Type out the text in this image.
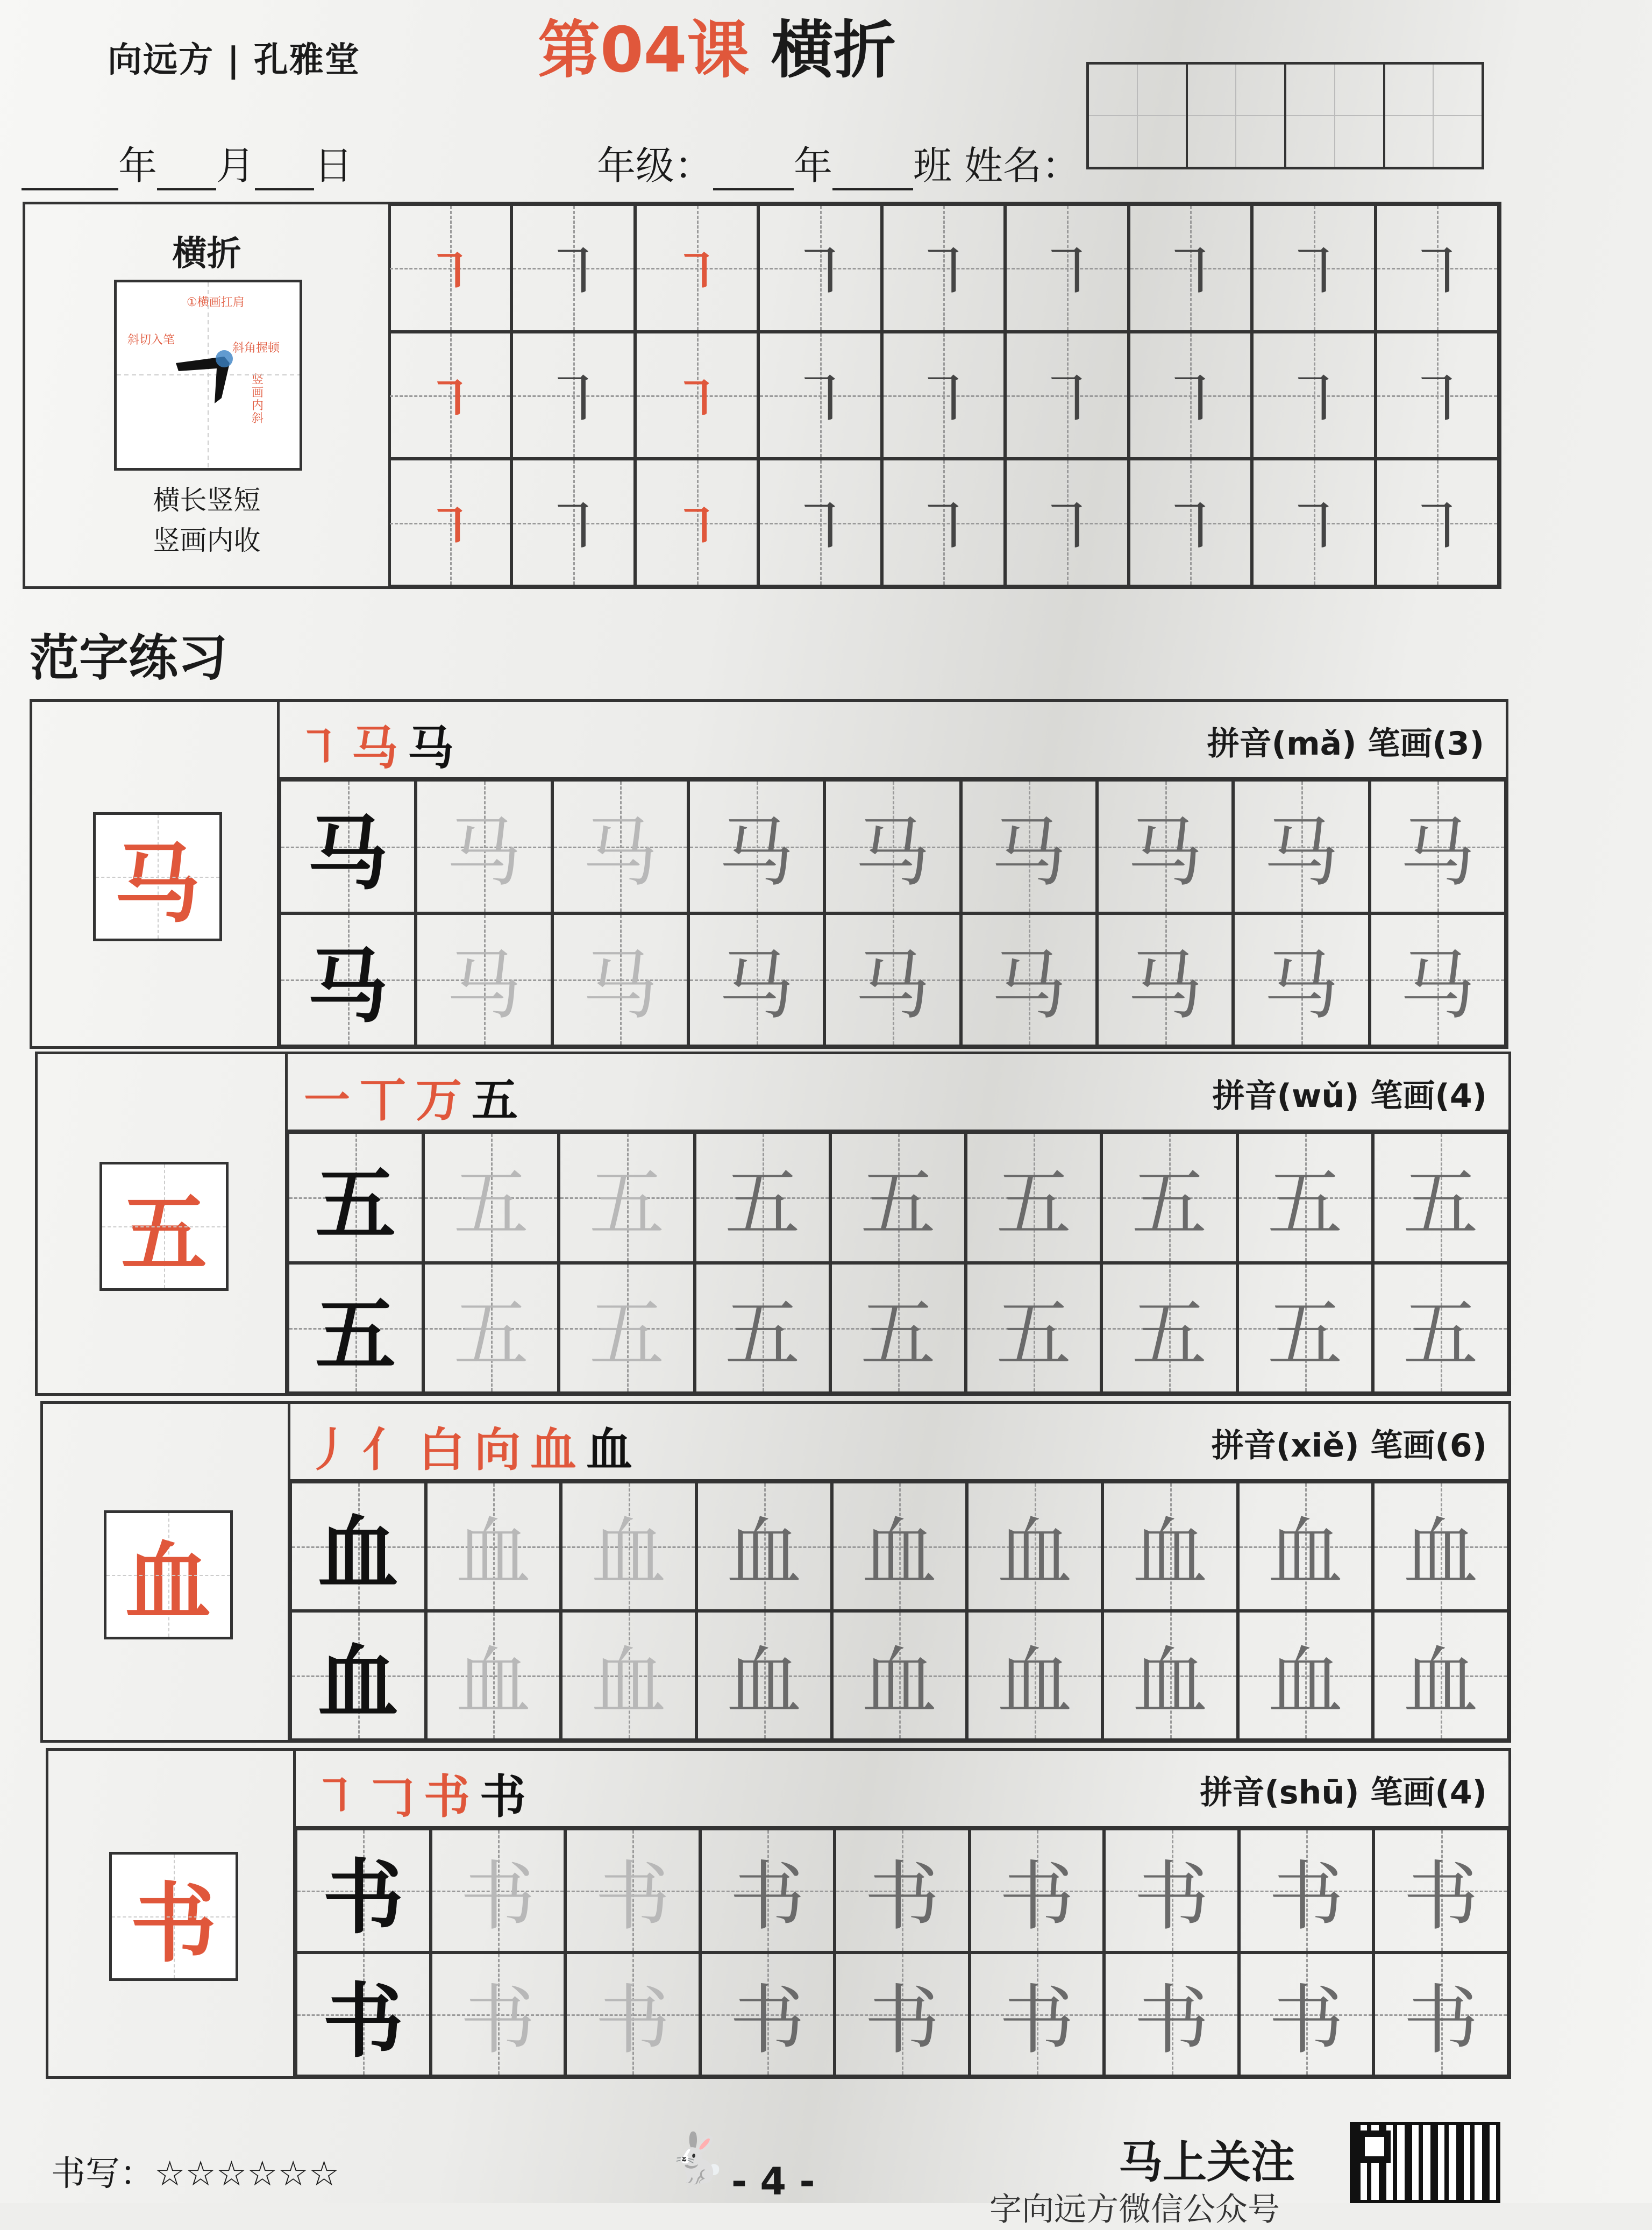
向远方 | 孔雅堂	第04课 横折
年 月 日	年级： 年 班 姓名：
横折
①横画扛肩
斜切入笔
斜角握顿
竖画内斜
横长竖短
竖画内收
㇕	㇕	㇕	㇕ ㇕ ㇕ ㇕ ㇕ ㇕
㇕	㇕	㇕	㇕ ㇕ ㇕ ㇕ ㇕ ㇕
㇕	㇕	㇕	㇕ ㇕ ㇕ ㇕ ㇕ ㇕
范字练习
马
㇕马马	拼音(mǎ) 笔画(3)
马 马 马 马 马 马 马 马 马
马 马 马 马 马 马 马 马 马
五
一丅万五	拼音(wǔ) 笔画(4)
五 五 五 五 五 五 五 五 五
五 五 五 五 五 五 五 五 五
血
丿亻白向血血	拼音(xiě) 笔画(6)
血 血 血 血 血 血 血 血 血
血 血 血 血 血 血 血 血 血
书
㇕𠃌书书	拼音(shū) 笔画(4)
书 书 书 书 书 书 书 书 书
书 书 书 书 书 书 书 书 书
书写：☆☆☆☆☆☆	🐇 - 4 -	马上关注
字向远方微信公众号
